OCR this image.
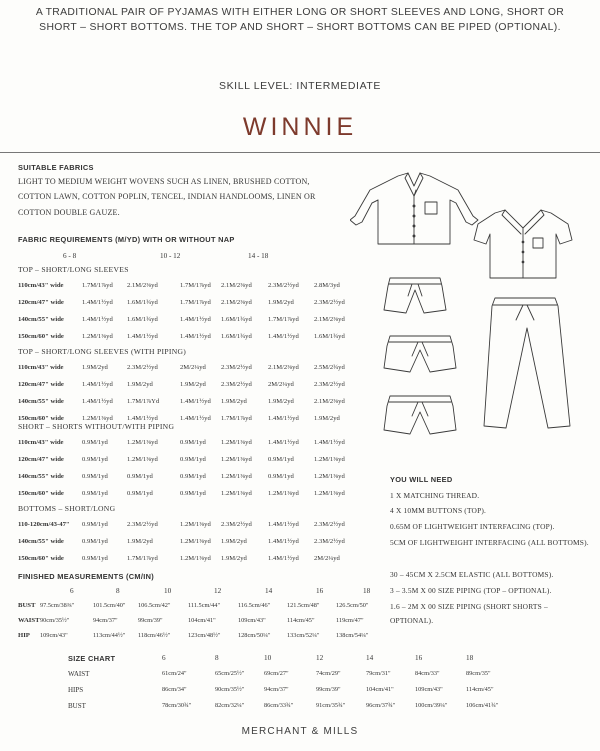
A TRADITIONAL PAIR OF PYJAMAS WITH EITHER LONG OR SHORT SLEEVES AND LONG, SHORT OR SHORT – SHORT BOTTOMS. THE TOP AND SHORT – SHORT BOTTOMS CAN BE PIPED (OPTIONAL).
SKILL LEVEL: INTERMEDIATE
WINNIE
SUITABLE FABRICS
LIGHT TO MEDIUM WEIGHT WOVENS SUCH AS LINEN, BRUSHED COTTON, COTTON LAWN, COTTON POPLIN, TENCEL, INDIAN HANDLOOMS, LINEN OR COTTON DOUBLE GAUZE.
FABRIC REQUIREMENTS (M/YD) WITH OR WITHOUT NAP
6 - 8	10 - 12	14 - 18
TOP – SHORT/LONG SLEEVES
110cm/43" wide	1.7M/1⅞yd 2.1M/2⅜yd	1.7M/1⅞yd 2.1M/2⅜yd 2.3M/2½yd 2.8M/3yd
120cm/47" wide	1.4M/1½yd 1.6M/1¾yd	1.7M/1⅞yd 2.1M/2⅜yd 1.9M/2yd	2.3M/2½yd
140cm/55" wide	1.4M/1½yd 1.6M/1¾yd	1.4M/1½yd 1.6M/1¾yd 1.7M/1⅞yd 2.1M/2⅜yd
150cm/60" wide	1.2M/1⅜yd 1.4M/1½yd	1.4M/1½yd 1.6M/1¾yd 1.4M/1½yd 1.6M/1¾yd
TOP – SHORT/LONG SLEEVES (WITH PIPING)
110cm/43" wide	1.9M/2yd	2.3M/2½yd	2M/2¼yd 2.3M/2½yd 2.1M/2⅜yd 2.5M/2¾yd
120cm/47" wide	1.4M/1½yd 1.9M/2yd	1.9M/2yd 2.3M/2½yd 2M/2¼yd	2.3M/2½yd
140cm/55" wide	1.4M/1½yd 1.7M/1⅞Yd	1.4M/1½yd 1.9M/2yd	1.9M/2yd	2.1M/2⅜yd
150cm/60" wide	1.2M/1⅜yd 1.4M/1½yd	1.4M/1½yd 1.7M/1⅞yd 1.4M/1½yd 1.9M/2yd
SHORT – SHORTS WITHOUT/WITH PIPING
110cm/43" wide	0.9M/1yd	1.2M/1⅜yd	0.9M/1yd 1.2M/1⅜yd 1.4M/1½yd 1.4M/1½yd
120cm/47" wide	0.9M/1yd	1.2M/1⅜yd	0.9M/1yd 1.2M/1⅜yd 0.9M/1yd	1.2M/1⅜yd
140cm/55" wide	0.9M/1yd	0.9M/1yd	0.9M/1yd 1.2M/1⅜yd 0.9M/1yd	1.2M/1⅜yd
150cm/60" wide	0.9M/1yd	0.9M/1yd	0.9M/1yd 1.2M/1⅜yd 1.2M/1⅜yd 1.2M/1⅜yd
BOTTOMS – SHORT/LONG
110-120cm/43-47" 0.9M/1yd	2.3M/2½yd	1.2M/1⅜yd 2.3M/2½yd 1.4M/1½yd 2.3M/2½yd
140cm/55" wide	0.9M/1yd	1.9M/2yd	1.2M/1⅜yd 1.9M/2yd	1.4M/1½yd 2.3M/2½yd
150cm/60" wide	0.9M/1yd	1.7M/1⅞yd	1.2M/1⅜yd 1.9M/2yd	1.4M/1½yd 2M/2¼yd
FINISHED MEASUREMENTS (CM/IN)
6	8	10	12	14	16	18
BUST 97.5cm/38⅜"	101.5cm/40" 106.5cm/42"	111.5cm/44"	116.5cm/46"	121.5cm/48"	126.5cm/50"
WAIST 90cm/35½"	94cm/37"	99cm/39"	104cm/41"	109cm/43"	114cm/45"	119cm/47"
HIP 109cm/43"	113cm/44½" 118cm/46½"	123cm/48½"	128cm/50¼"	133cm/52¼"	138cm/54¼"
SIZE CHART	6	8	10	12	14	16	18
WAIST	61cm/24"	65cm/25½"	69cm/27"	74cm/29"	79cm/31"	84cm/33"	89cm/35"
HIPS	86cm/34"	90cm/35½"	94cm/37"	99cm/39"	104cm/41"	109cm/43"	114cm/45"
BUST	78cm/30¾"	82cm/32¼"	86cm/33¾"	91cm/35¾"	96cm/37¾"	100cm/39¼"	106cm/41¾"
YOU WILL NEED
1 X MATCHING THREAD.
4 X 10MM BUTTONS (TOP).
0.65M OF LIGHTWEIGHT INTERFACING (TOP).
5CM OF LIGHTWEIGHT INTERFACING (ALL BOTTOMS).
30 – 45CM X 2.5CM ELASTIC (ALL BOTTOMS).
3 – 3.5M X 00 SIZE PIPING (TOP – OPTIONAL).
1.6 – 2M X 00 SIZE PIPING (SHORT SHORTS – OPTIONAL).
MERCHANT & MILLS
